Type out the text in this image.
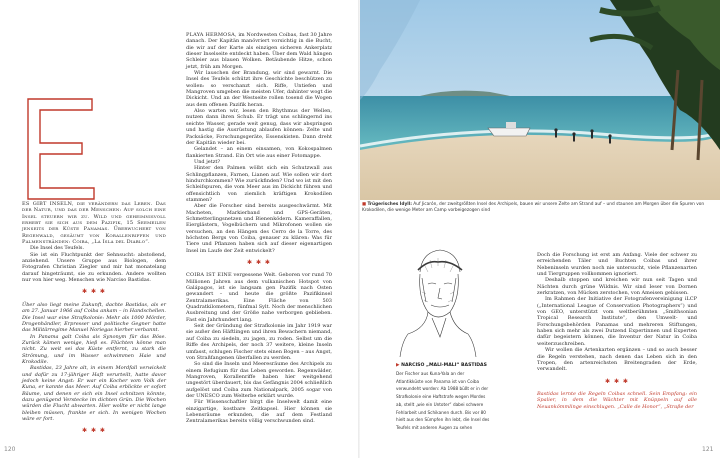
ES GIBT INSELN, die verändern das Leben. Das der Natur, und das der Menschen: Auf solch eine Insel steuern wir zu. Wild und geheimnisvoll erhebt sie sich aus dem Pazifik, 15 Seemeilen jenseits der Küste Panamas. Überwuchert von Regenwald, gesäumt von Korallenriffen und Palmenstränden: Coiba, „La Isla del Diablo“.

Die Insel des Teufels.

Sie ist ein Fluchtpunkt der Sehnsucht: abstoßend, anziehend. Unsere Gruppe aus Biologen, dem Fotografen Christian Ziegler und mir hat monatelang darauf hingeträumt, sie zu erkunden. Andere wollten nur von hier weg. Menschen wie Narciso Bastidas.

✱ ✱ ✱

Über also liegt meine Zukunft, dachte Bastidas, als er am 27. Januar 1966 auf Coiba ankam – in Handschellen. Die Insel war eine Strafkolonie: Mehr als 1000 Mörder, Drogenhändler, Erpresser und politische Gegner hatte das Militärregime Manuel Noriegas hierher verbannt.

In Panama galt Coiba als Synonym für das Böse. Zurück kämen wenige, hieß es. Flüchten könne man nicht. Zu weit sei das Küste entfernt, zu stark die Strömung, und im Wasser schwimmen Haie und Krokodile.

Bastidas, 23 Jahre alt, in einem Mordfall verwickelt und dafür zu 17-jähriger Haft verurteilt, hatte davor jedoch keine Angst: Er war ein Kocher vom Volk der Kuna, er kannte das Meer. Auf Coiba erblickte er sofort Bäume, und denen er sich ein Insel schnitzen könnte, dazu genügend Verstecke im dichten Grün. Die Wochen würden die Flucht abwarten. Hier wollte er nicht lange bleiben müssen, frankte er sich. In wenigen Wochen wäre er fort.

✱ ✱ ✱

PLAYA HERMOSA, im Nordwesten Coibas, fast 30 Jahre danach. Der Kapitän manövriert vorsichtig in die Bucht, die wir auf der Karte als einzigen sicheren Ankerplatz dieser Inselseite entdeckt haben. Über dem Wald hängen Schleier aus blauen Wolken. Betäubende Hitze, schon jetzt, früh am Morgen.

Wir lauschen der Brandung, wir sind gewarnt. Die Insel des Teufels schützt ihre Geschichte beschützen zu wollen: so verschanzt sich. Riffe, Untiefen und Mangroven umgeben die meisten Ufer, dahinter wogt die Dickicht. Und an der Westseite rollen tosend die Wogen aus dem offenen Pazifik heran.

Also warten wir, lesen den Rhythmus der Wellen, nutzen dann ihren Schub. Er trägt uns schlingernd ins seichte Wasser, gerade weit genug, dass wir abspringen und hastig die Ausrüstung ablaufen können: Zelte und Packsäcke, Forschungsgeräte, Essenskisten. Dann dreht der Kapitän wieder bei.

Gelandet – an einem einsamen, von Kokospalmen flankierten Strand. Ein Ort wie aus einer Fotomappe.

Und jetzt?

Hinter den Palmen wölbt sich ein Schutzwall aus Schlingpflanzen, Farnen, Lianen auf. Wie sollen wir dort hindurchkommen? Wie zurückfinden? Und wo ist mit den Schleifspuren, die vom Meer aus im Dickicht führen und offensichtlich von ziemlich kräftigen Krokodilen stammen?

Aber die Forscher sind bereits ausgeschwärmt. Mit Macheten, Markierband und GPS-Geräten, Schmetterlingsnetzen und Bienenködern. Kameraffallen, Eierglästern, Vogelbüchern und Mikrofonen wollen sie versuchen, an den Hängen des Cerro de la Torre, des höchsten Bergs von Coiba, genauer zu klären: Was für Tiere und Pflanzen haben sich auf dieser eigenartigen Insel im Laufe der Zeit entwickelt?

✱ ✱ ✱

COIBA IST EINE vergessene Welt. Geboren vor rund 70 Millionen Jahren aus dem vulkanischen Hotspot von Galápagos, ist sie langsam gen Pazifik nach Osten gewandert – und heute die größte Pazifikinsel Zentralamerikas. Eine Fläche von 503 Quadratkilometern, fünfmal Sylt. Noch der menschlichen Ausbreitung und der Größe nahe verborgen geblieben. Fast ein Jahrhundert lang.

Seit der Gründung der Strafkolonie im Jahr 1919 war sie außer den Häftlingen und ihren Bewachern niemand, auf Coiba zu siedeln, zu jagen, zu roden. Selbst um die Riffe des Archipels, der noch 37 weitere, kleine Inseln umfasst, schlugen Fischer stets einen Bogen – aus Angst, von Straßfangenen überfallen zu werden.

So sind die Inseln und Meeresräume des Archipels zu einem Refugium für das Leben geworden. Regenwälder, Mangroven, Korallenriffe haben hier weitgehend ungestört überdauert, bis das Gefängnis 2004 schließlich aufgelöst und Coiba zum Nationalpark, 2005 sogar von der UNESCO zum Welterbe erklärt wurde.

Für Wissenschaftler birgt die Inselwelt damit eine einzigartige, kostbare Zeitkapsel. Hier können sie Lebensräume erkunden, die auf dem Festland Zentralamerikas bereits völlig verschwunden sind.

120
■ Trügerisches Idyll: Auf Jicarón, der zweitgrößten Insel des Archipels, bauen wir unsere Zelte am Strand auf – und staunen am Morgen über die Spuren von Krokodilen, die wenige Meter am Camp vorbeigezogen sind
▶ NARCISO „MALI-MALI“ BASTIDAS
Der Fischer aus Kuna-Yala an der Atlantikküste von Panama ist von Coiba verwundeht worden: Ab 1988 büßt er in der Strafkolonie eine Haftstrafe wegen Mordes ab, stellt „wie ein Untoter“ dabei schwere Fehlarbeit und Schikanen durch. Bis vor 80 hielt aus den Sümpfen ihn lebt, die Insel des Teufels mit anderen Augen zu sehen

Doch die Forschung ist erst am Anfang. Viele der schwer zu erreichenden Täler und Buchten Coibas und ihrer Nebeninseln wurden noch nie untersucht, viele Pflanzenarten und Tiergruppen vollkommen ignoriert.

Deshalb stoppen und kreichen wir nun seit Tagen und Nächten durch grüne Wildnis. Wir sind Ieser von Dornen zerkratzen, von Mücken zerstochen, von Ameisen gebissen.

Im Rahmen der Initiative der Fotografenvereinigung iLCP („International League of Conservation Photographers“) und von GEO, unterstützt vom weltberühmten „Smithsonian Tropical Research Institute“, den Umwelt- und Forschungsbehörden Panamas und mehreren Stiftungen, haben sich mehr als zwei Dutzend Expertinnen und Experten dafür begeistern können, die Inventur der Natur in Coiba weiterzuschreiben.

Wir wollen die Artenkarten ergänzen – und so auch besser die Regeln verstehen, nach denen das Leben sich in den Tropen, den artenreichsten Breitengraden der Erde, verwandelt.

✱ ✱ ✱

Bastidas lernte die Regeln Coibas schnell. Sein Empfang: ein Spalier, in dem die Wächter mit Knüppeln auf alle Neuankömmlinge einschlugen. „Calle de Honor“, „Straße der

121
